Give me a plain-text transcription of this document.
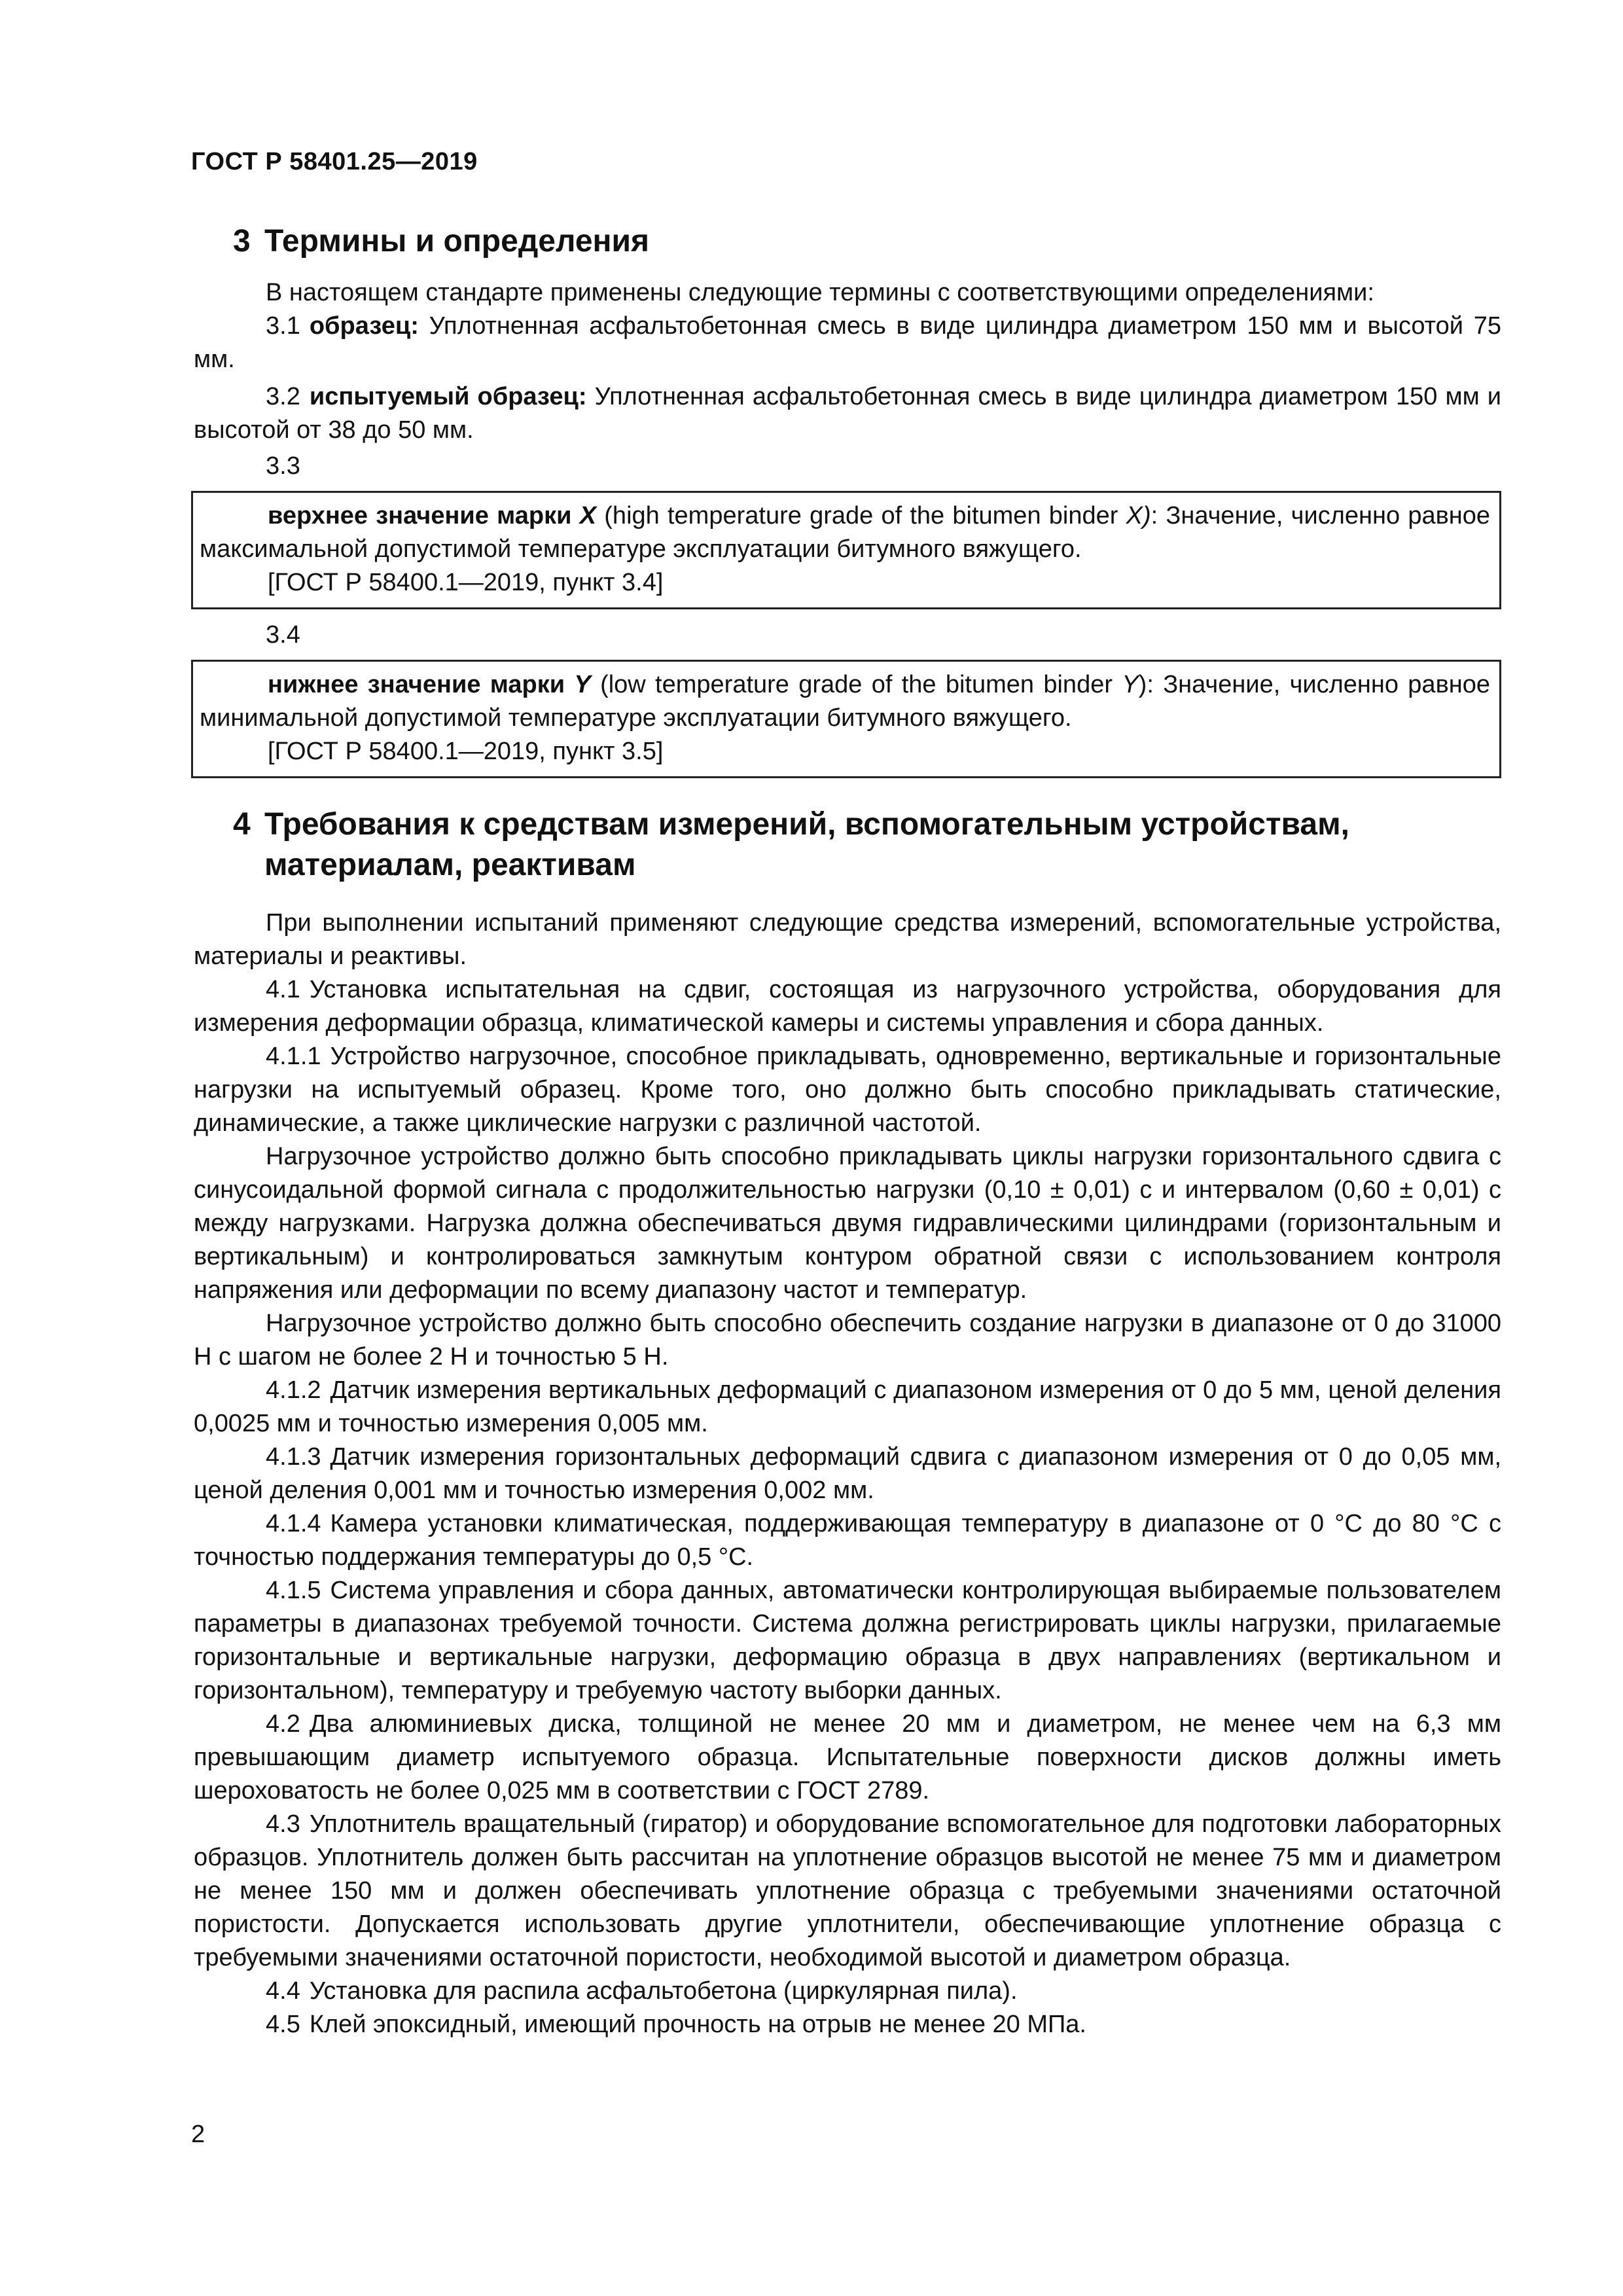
ГОСТ Р 58401.25—2019
3 Термины и определения

В настоящем стандарте применены следующие термины с соответствующими определениями:

3.1 образец: Уплотненная асфальтобетонная смесь в виде цилиндра диаметром 150 мм и высотой 75 мм.

3.2 испытуемый образец: Уплотненная асфальтобетонная смесь в виде цилиндра диаметром 150 мм и высотой от 38 до 50 мм.

3.3

верхнее значение марки X (high temperature grade of the bitumen binder X): Значение, численно равное максимальной допустимой температуре эксплуатации битумного вяжущего.

[ГОСТ Р 58400.1—2019, пункт 3.4]

3.4

нижнее значение марки Y (low temperature grade of the bitumen binder Y): Значение, численно равное минимальной допустимой температуре эксплуатации битумного вяжущего.

[ГОСТ Р 58400.1—2019, пункт 3.5]

4 Требования к средствам измерений, вспомогательным устройствам, материалам, реактивам

При выполнении испытаний применяют следующие средства измерений, вспомогательные устройства, материалы и реактивы.

4.1 Установка испытательная на сдвиг, состоящая из нагрузочного устройства, оборудования для измерения деформации образца, климатической камеры и системы управления и сбора данных.

4.1.1 Устройство нагрузочное, способное прикладывать, одновременно, вертикальные и горизонтальные нагрузки на испытуемый образец. Кроме того, оно должно быть способно прикладывать статические, динамические, а также циклические нагрузки с различной частотой.

Нагрузочное устройство должно быть способно прикладывать циклы нагрузки горизонтального сдвига с синусоидальной формой сигнала с продолжительностью нагрузки (0,10 ± 0,01) с и интервалом (0,60 ± 0,01) с между нагрузками. Нагрузка должна обеспечиваться двумя гидравлическими цилиндрами (горизонтальным и вертикальным) и контролироваться замкнутым контуром обратной связи с использованием контроля напряжения или деформации по всему диапазону частот и температур.

Нагрузочное устройство должно быть способно обеспечить создание нагрузки в диапазоне от 0 до 31000 Н с шагом не более 2 Н и точностью 5 Н.

4.1.2 Датчик измерения вертикальных деформаций с диапазоном измерения от 0 до 5 мм, ценой деления 0,0025 мм и точностью измерения 0,005 мм.

4.1.3 Датчик измерения горизонтальных деформаций сдвига с диапазоном измерения от 0 до 0,05 мм, ценой деления 0,001 мм и точностью измерения 0,002 мм.

4.1.4 Камера установки климатическая, поддерживающая температуру в диапазоне от 0 °С до 80 °С с точностью поддержания температуры до 0,5 °С.

4.1.5 Система управления и сбора данных, автоматически контролирующая выбираемые пользователем параметры в диапазонах требуемой точности. Система должна регистрировать циклы нагрузки, прилагаемые горизонтальные и вертикальные нагрузки, деформацию образца в двух направлениях (вертикальном и горизонтальном), температуру и требуемую частоту выборки данных.

4.2 Два алюминиевых диска, толщиной не менее 20 мм и диаметром, не менее чем на 6,3 мм превышающим диаметр испытуемого образца. Испытательные поверхности дисков должны иметь шероховатость не более 0,025 мм в соответствии с ГОСТ 2789.

4.3 Уплотнитель вращательный (гиратор) и оборудование вспомогательное для подготовки лабораторных образцов. Уплотнитель должен быть рассчитан на уплотнение образцов высотой не менее 75 мм и диаметром не менее 150 мм и должен обеспечивать уплотнение образца с требуемыми значениями остаточной пористости. Допускается использовать другие уплотнители, обеспечивающие уплотнение образца с требуемыми значениями остаточной пористости, необходимой высотой и диаметром образца.

4.4 Установка для распила асфальтобетона (циркулярная пила).

4.5 Клей эпоксидный, имеющий прочность на отрыв не менее 20 МПа.

2
